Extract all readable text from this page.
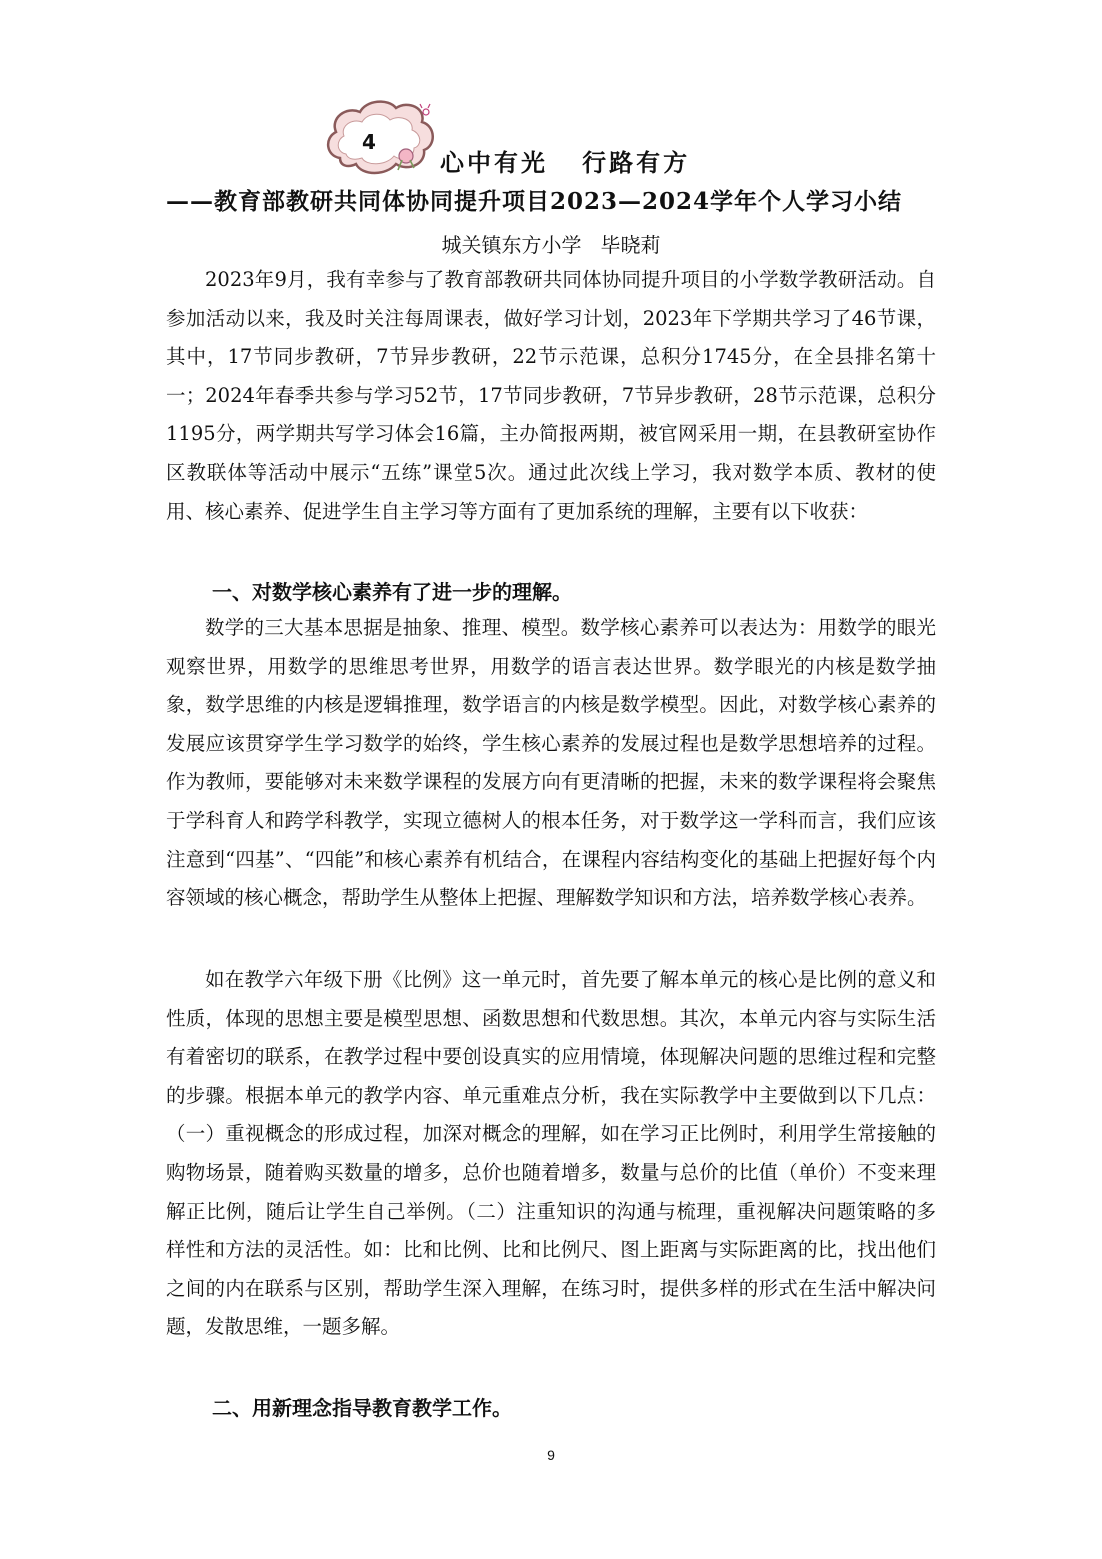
4
心中有光   行路有方
——教育部教研共同体协同提升项目2023—2024学年个人学习小结
城关镇东方小学   毕晓莉

2023年9月，我有幸参与了教育部教研共同体协同提升项目的小学数学教研活动。自参加活动以来，我及时关注每周课表，做好学习计划，2023年下学期共学习了46节课，其中，17节同步教研，7节异步教研，22节示范课，总积分1745分，在全县排名第十一；2024年春季共参与学习52节，17节同步教研，7节异步教研，28节示范课，总积分1195分，两学期共写学习体会16篇，主办简报两期，被官网采用一期，在县教研室协作区教联体等活动中展示“五练”课堂5次。通过此次线上学习，我对数学本质、教材的使用、核心素养、促进学生自主学习等方面有了更加系统的理解，主要有以下收获：

一、对数学核心素养有了进一步的理解。

数学的三大基本思据是抽象、推理、模型。数学核心素养可以表达为：用数学的眼光观察世界，用数学的思维思考世界，用数学的语言表达世界。数学眼光的内核是数学抽象，数学思维的内核是逻辑推理，数学语言的内核是数学模型。因此，对数学核心素养的发展应该贯穿学生学习数学的始终，学生核心素养的发展过程也是数学思想培养的过程。作为教师，要能够对未来数学课程的发展方向有更清晰的把握，未来的数学课程将会聚焦于学科育人和跨学科教学，实现立德树人的根本任务，对于数学这一学科而言，我们应该注意到“四基”、“四能”和核心素养有机结合，在课程内容结构变化的基础上把握好每个内容领域的核心概念，帮助学生从整体上把握、理解数学知识和方法，培养数学核心表养。

如在教学六年级下册《比例》这一单元时，首先要了解本单元的核心是比例的意义和性质，体现的思想主要是模型思想、函数思想和代数思想。其次，本单元内容与实际生活有着密切的联系，在教学过程中要创设真实的应用情境，体现解决问题的思维过程和完整的步骤。根据本单元的教学内容、单元重难点分析，我在实际教学中主要做到以下几点：（一）重视概念的形成过程，加深对概念的理解，如在学习正比例时，利用学生常接触的购物场景，随着购买数量的增多，总价也随着增多，数量与总价的比值（单价）不变来理解正比例，随后让学生自己举例。（二）注重知识的沟通与梳理，重视解决问题策略的多样性和方法的灵活性。如：比和比例、比和比例尺、图上距离与实际距离的比，找出他们之间的内在联系与区别，帮助学生深入理解，在练习时，提供多样的形式在生活中解决问题，发散思维，一题多解。

二、用新理念指导教育教学工作。

9
